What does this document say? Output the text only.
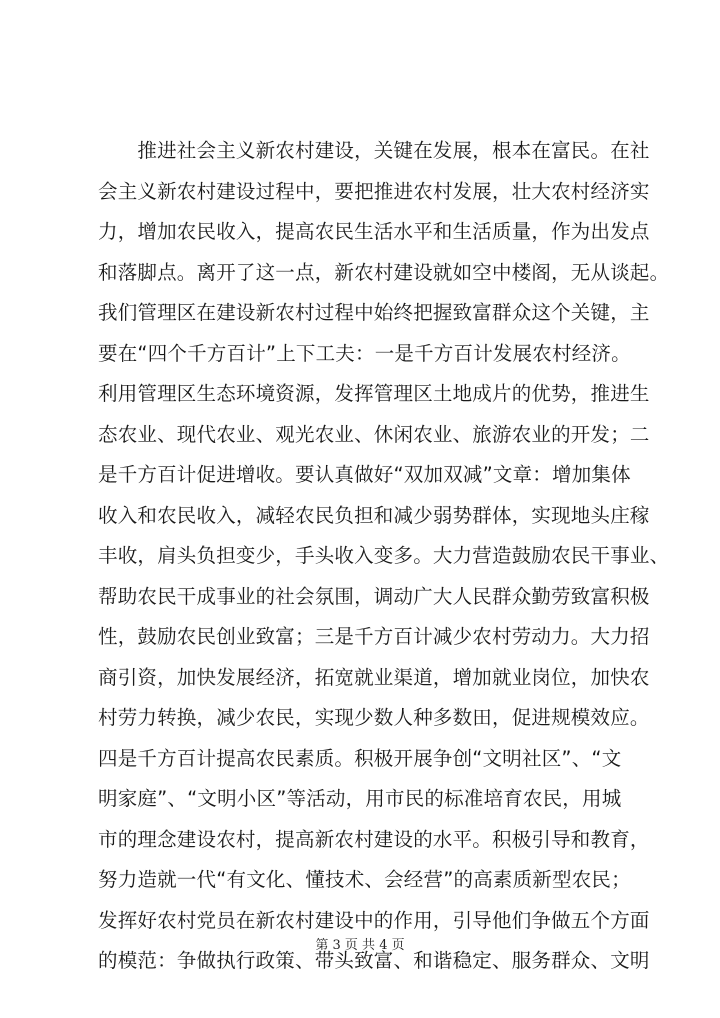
　　推进社会主义新农村建设，关键在发展，根本在富民。在社
会主义新农村建设过程中，要把推进农村发展，壮大农村经济实
力，增加农民收入，提高农民生活水平和生活质量，作为出发点
和落脚点。离开了这一点，新农村建设就如空中楼阁，无从谈起。
我们管理区在建设新农村过程中始终把握致富群众这个关键，主
要在“四个千方百计”上下工夫：一是千方百计发展农村经济。
利用管理区生态环境资源，发挥管理区土地成片的优势，推进生
态农业、现代农业、观光农业、休闲农业、旅游农业的开发；二
是千方百计促进增收。要认真做好“双加双减”文章：增加集体
收入和农民收入，减轻农民负担和减少弱势群体，实现地头庄稼
丰收，肩头负担变少，手头收入变多。大力营造鼓励农民干事业、
帮助农民干成事业的社会氛围，调动广大人民群众勤劳致富积极
性，鼓励农民创业致富；三是千方百计减少农村劳动力。大力招
商引资，加快发展经济，拓宽就业渠道，增加就业岗位，加快农
村劳力转换，减少农民，实现少数人种多数田，促进规模效应。
四是千方百计提高农民素质。积极开展争创“文明社区”、“文
明家庭”、“文明小区”等活动，用市民的标准培育农民，用城
市的理念建设农村，提高新农村建设的水平。积极引导和教育，
努力造就一代“有文化、懂技术、会经营”的高素质新型农民；
发挥好农村党员在新农村建设中的作用，引导他们争做五个方面
的模范：争做执行政策、带头致富、和谐稳定、服务群众、文明
第 3 页 共 4 页
